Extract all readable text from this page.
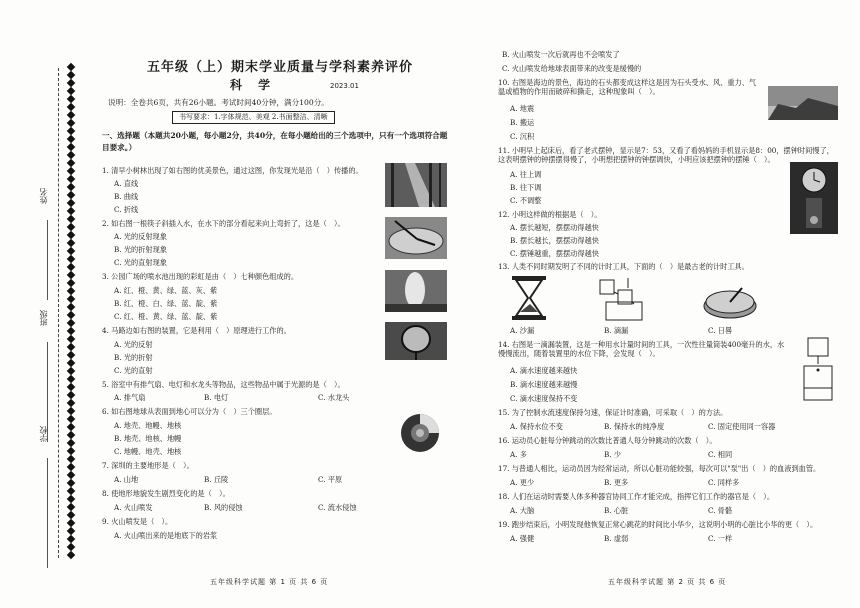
姓名
班级
学校
五年级（上）期末学业质量与学科素养评价
科 学	2023.01
说明：全卷共6页，共有26小题。考试时间40分钟，满分100分。
书写要求：1.字体规范、美观 2.书面整洁、清晰
一、选择题（本题共20小题，每小题2分，共40分，在每小题给出的三个选项中，只有一个选项符合题目要求。）
1. 清早小树林出现了如右图的优美景色，通过这图，你发现光是沿（　）传播的。
A. 直线
B. 曲线
C. 折线
2. 如右图一根筷子斜插入水，在水下的部分看起来向上弯折了，这是（　）。
A. 光的反射现象
B. 光的折射现象
C. 光的直射现象
3. 公园广场的喷水池出现的彩虹是由（　）七种颜色组成的。
A. 红、橙、黄、绿、蓝、灰、紫
B. 红、橙、白、绿、蓝、靛、紫
C. 红、橙、黄、绿、蓝、靛、紫
4. 马路边如右图的装置，它是利用（　）原理进行工作的。
A. 光的反射
B. 光的折射
C. 光的直射
5. 浴室中有排气扇、电灯和水龙头等物品，这些物品中属于光源的是（　）。
A. 排气扇	B. 电灯	C. 水龙头
6. 如右图地球从表面到地心可以分为（　）三个圈层。
A. 地壳、地幔、地核
B. 地壳、地核、地幔
C. 地幔、地壳、地核
7. 深圳的主要地形是（　）。
A. 山地	B. 丘陵	C. 平原
8. 使地形地貌发生剧烈变化的是（　）。
A. 火山喷发	B. 风的侵蚀	C. 流水侵蚀
9. 火山喷发是（　）。
A. 火山喷出来的是地底下的岩浆
五年级科学试题 第 1 页 共 6 页
B. 火山喷发一次后就再也不会喷发了
C. 火山喷发给地球表面带来的改变是缓慢的
10. 右图是海边的景色，海边的石头都变成这样这是因为石头受水、风、重力、气温或植物的作用而破碎和撕走，这种现象叫（　）。
A. 地震
B. 搬运
C. 沉积
11. 小明早上起床后，看了老式摆钟，显示是7：53，又看了看妈妈的手机显示是8：00，摆钟时间慢了，这表明摆钟的钟摆摆得慢了，小明想把摆钟的钟摆调快，小明应该把摆钟的摆锤（　）。
A. 往上调
B. 往下调
C. 不调整
12. 小明这样做的根据是（　）。
A. 摆长越短，摆摆动得越快
B. 摆长越长，摆摆动得越快
C. 摆锤越重，摆摆动得越快
13. 人类不同时期发明了不同的计时工具，下面的（　）是最古老的计时工具。
A. 沙漏	B. 滴漏	C. 日晷
14. 右图是一滴漏装置，这是一种用水计量时间的工具，一次性往量筒装400毫升的水，水慢慢流出，随着装置里的水位下降，会发现（　）。
A. 滴水速度越来越快
B. 滴水速度越来越慢
C. 滴水速度保持不变
15. 为了控制水流速度保持匀速，保证计时准确，可采取（　）的方法。
A. 保持水位不变	B. 保持水的纯净度	C. 固定使用同一容器
16. 运动员心脏每分钟跳动的次数比普通人每分钟跳动的次数（　）。
A. 多	B. 少	C. 相同
17. 与普通人相比，运动员因为经常运动，所以心脏功能较强，每次可以"泵"出（　）的血液到血管。
A. 更少	B. 更多	C. 同样多
18. 人们在运动时需要人体多种器官协同工作才能完成，指挥它们工作的器官是（　）。
A. 大脑	B. 心脏	C. 骨骼
19. 跑步结束后，小明发现他恢复正常心跳花的时间比小华少，这说明小明的心脏比小华的更（　）。
A. 强健	B. 虚弱	C. 一样
五年级科学试题 第 2 页 共 6 页
